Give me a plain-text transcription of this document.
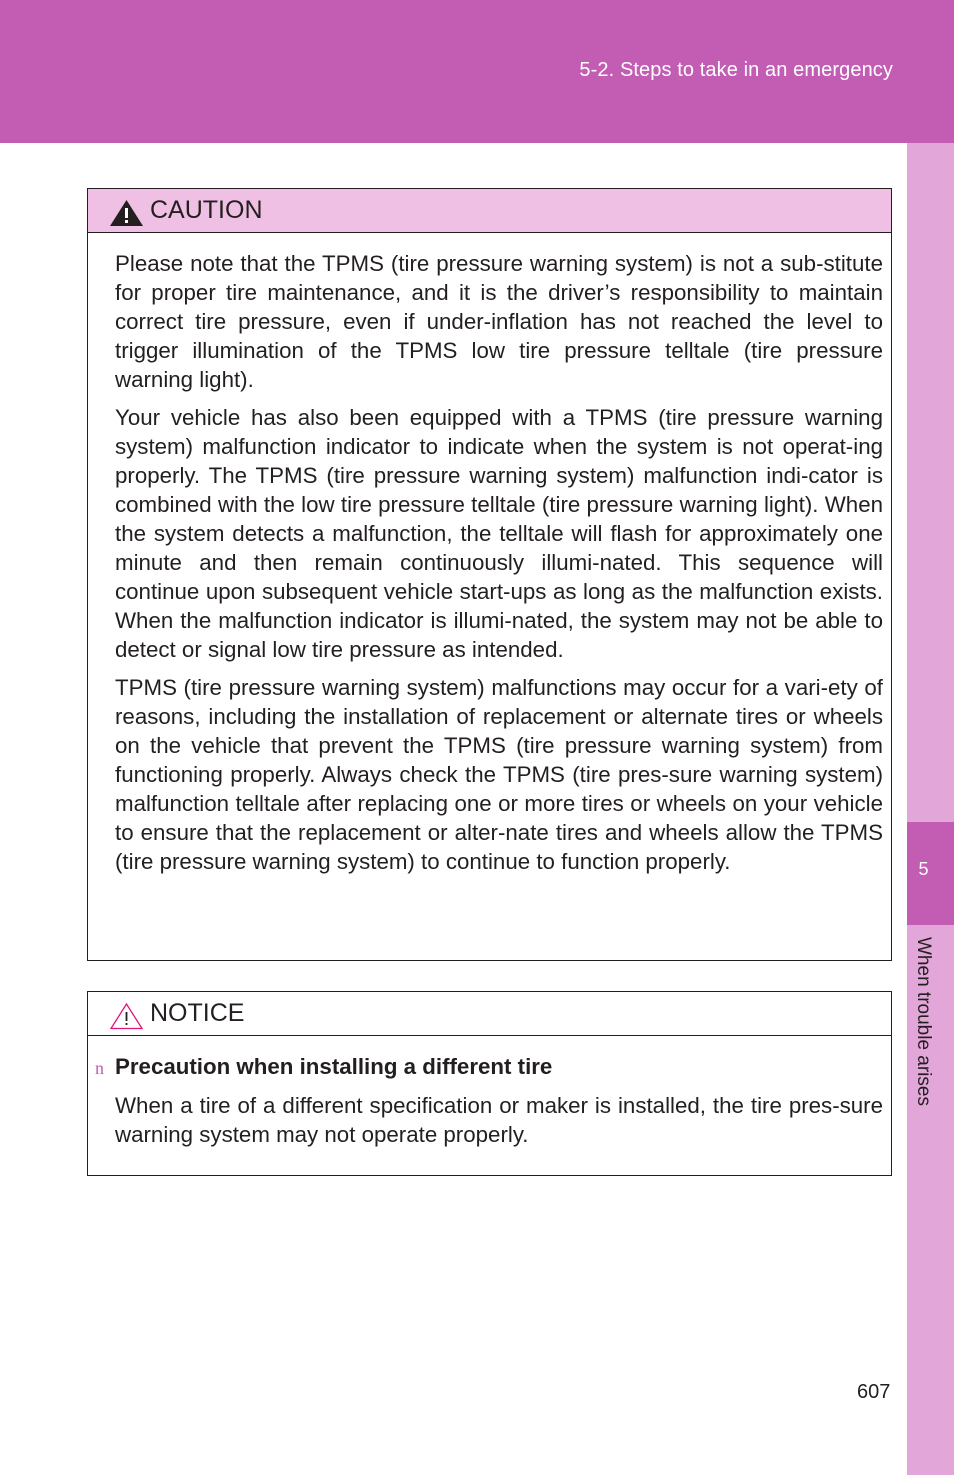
5-2. Steps to take in an emergency
5
When trouble arises
CAUTION

Please note that the TPMS (tire pressure warning system) is not a sub-stitute for proper tire maintenance, and it is the driver’s responsibility to maintain correct tire pressure, even if under-inflation has not reached the level to trigger illumination of the TPMS low tire pressure telltale (tire pressure warning light).

Your vehicle has also been equipped with a TPMS (tire pressure warning system) malfunction indicator to indicate when the system is not operat-ing properly. The TPMS (tire pressure warning system) malfunction indi-cator is combined with the low tire pressure telltale (tire pressure warning light). When the system detects a malfunction, the telltale will flash for approximately one minute and then remain continuously illumi-nated. This sequence will continue upon subsequent vehicle start-ups as long as the malfunction exists. When the malfunction indicator is illumi-nated, the system may not be able to detect or signal low tire pressure as intended.

TPMS (tire pressure warning system) malfunctions may occur for a vari-ety of reasons, including the installation of replacement or alternate tires or wheels on the vehicle that prevent the TPMS (tire pressure warning system) from functioning properly. Always check the TPMS (tire pres-sure warning system) malfunction telltale after replacing one or more tires or wheels on your vehicle to ensure that the replacement or alter-nate tires and wheels allow the TPMS (tire pressure warning system) to continue to function properly.

NOTICE
n Precaution when installing a different tire

When a tire of a different specification or maker is installed, the tire pres-sure warning system may not operate properly.

607
